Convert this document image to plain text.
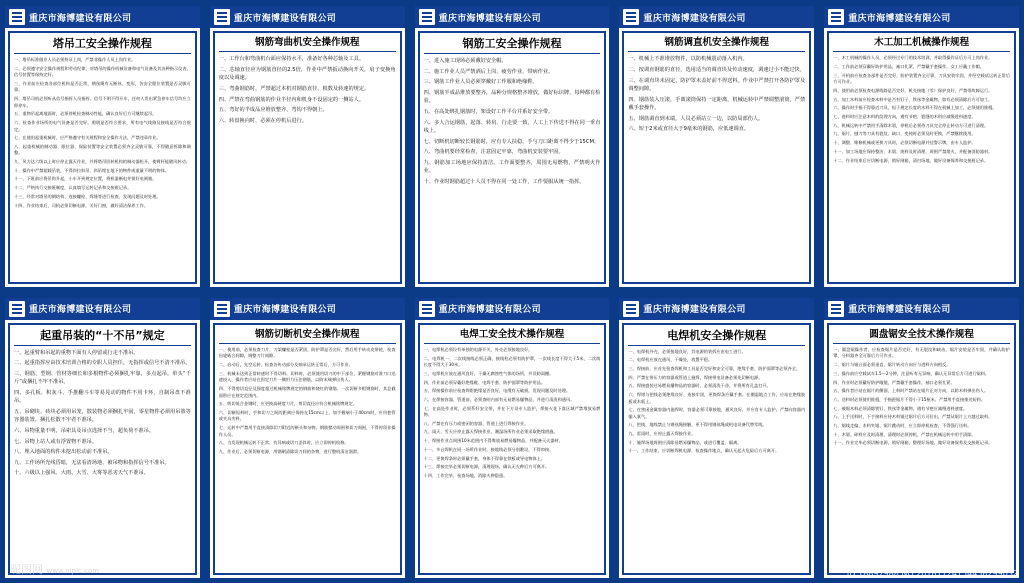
重庆市海博建设有限公司
塔吊工安全操作规程

一、塔吊标准做业人员必须持证上岗，严禁非操作人员上岗作业。

二、必须遵守安全操作规程和劳动纪律，对塔吊的操作机械设备和电气设备及其各种指示仪表、信号装置等保持完好。

三、作业前应检查各部位机构是否正常，钢丝绳有无断丝、变形，各安全限位装置是否灵敏可靠。

四、塔吊司机必须听从信号指挥人员指挥，信号不明不得开车，任何人发出紧急停车信号均应立即停车。

五、重物吊起离地面时，必须停机检查制动性能，确认良好后方可继续起吊。

六、检查作业场所的电气设备是否完好，照明是否符合要求，所有电气线路及接线是否符合规定。

七、在使用起重机械时，应严格遵守有关规程和安全操作方法，严禁违章作业。

八、起重机械的制动器、限位器、保险装置等安全装置必须齐全灵敏可靠，不得随意拆除和调整。

九、风力达六级以上时应停止露天作业，并将塔吊回转机构的制动器松开，使臂杆能随风转动。

十、操作中严禁超载吊装，不得斜拉斜吊、斜吊埋在地下的物件或重量不明的物体。

十一、下班前应将吊钩升起，小车开到规定位置，将机器断电并锁好电闸箱。

十二、严格执行交接班制度，认真填写运转记录和交接班记录。

十三、经常对塔吊的钢结构、连接螺栓、焊缝等进行检查，发现问题及时处理。

十四、作业结束后，司机必须切断电源，关好门窗，做好清洁保养工作。

重庆市海博建设有限公司
钢筋弯曲机安全操作规程

一、工作台和弯曲机台面应保持水平，准备好各种芯轴及工具。

二、芯轴直径应为钢筋直径的2.5倍，作业中严禁扳动换向开关，肩子变换角度以及调速。

三、弯曲钢筋时，严禁超过本机对钢筋直径、根数及转速的规定。

四、严禁在弯曲钢筋的作业半径内和机身不设固定的一侧站人。

五、弯好的半成品应堆放整齐，弯钩不得朝上。

六、转盘换向时，必须在停机后进行。

重庆市海博建设有限公司
钢筋工安全操作规程

一、进入施工现场必须戴好安全帽。

二、施工作业人员严禁酒后上岗，疲劳作业、带病作业。

三、钢筋工作业人员必须穿戴好工作服和绝缘鞋。

四、钢筋半成品堆放要整齐，品种分规格整齐堆放，做好标识牌，每种都有检验。

五、在高处绑扎钢筋时，架设好工作平台并系好安全带。

六、多人合运钢筋，起落、转肩、行走要一致，人工上下传送不得在同一垂直线上。

七、切断机切断较长钢筋时，应有专人扶稳，手与刀口距离不得少于15CM。

八、弯曲机要经常检查，注意固定牢靠，弯曲机安装要牢固。

九、钢筋加工场地应保持清洁，工作面要整齐，周围无易燃物，严禁明火作业。

十、作业时钢筋超过十人员不得在同一处工作，工作要服从统一指挥。

重庆市海博建设有限公司
钢筋调直机安全操作规程

一、机械上不准堆放物件，以防机械震动落入机内。

二、按调直钢筋的直径，选用适当的调直块及传动速度，调速过小不能过快。

三、在调直块未固定，防护罩未盖好前不得送料。作业中严禁打开各防护罩及调整间隙。

四、钢筋装入压滚，手离滚筒保持一定距离，机械运转中严禁调整滚筒，严禁戴手套操作。

五、钢筋调直到末端，人员必须站立一边，以防局部伤人。

六、短于2米或直径大于9毫米的钢筋，应低速调直。

重庆市海博建设有限公司
木工加工机械操作规程

一、木工机械的操作人员，必须经过专门的技术培训，并取得操作证后方可上岗作业。

二、工作前必须穿戴好防护用品，袖口扎紧，严禁戴手套操作，女工应戴工作帽。

三、开机前应检查各部件是否完好，防护装置齐全可靠，刀具安装牢固，并经空载试运转正常后方可作业。

四、使用前必须检查电源线路是否完好，机壳接地（零）保护良好，严禁带故障运行。

五、加工木料前应检查木料中是否有钉子、铁丝等金属物，如有必须清除后方可加工。

六、操作时手指不得靠近刀具，短于规定长度的木料不得在机械上加工，必须使用推棍。

七、进料时应注意木料的纹理方向，遇有节疤、裂缝的木料应减慢进料速度。

八、机械运转中严禁用手清除木屑，停机后必须待刀具完全停止转动方可进行清理。

九、锯片、刨刀等刀具有裂纹、缺口、变钝时必须及时更换，严禁继续使用。

十、调整、维修机械或更换刀具时，必须切断电源并挂警示牌，由专人监护。

十一、加工场地应保持整洁，木屑、废料及时清理，周围严禁烟火，并配备消防器材。

十二、作业结束后应切断电源，锁好闸箱，清扫场地，做好设备保养和交接班记录。

重庆市海博建设有限公司
起重吊装的“十不吊”规定

一、起重臂和吊起的重物下面有人停留或行走不准吊。

二、起重指挥应由技术培训合格的专职人员担任，无指挥或信号不清不准吊。

三、钢筋、型钢、管材等细长和多根物件必须捆扎牢靠，多点起吊。单头“千斤”或捆扎不牢不准吊。

四、多孔板、积灰斗、手推翻斗车等易晃动的物件不用卡环，自制吊盘不准吊。

五、吊砌块、砖块必须用吊笼，散装物必须捆扎牢固，零星物件必须用吊篮等容器装置。捆扎松散不牢者不准吊。

六、吊物重量不明，吊索具及吊点选择不当，超负荷不准吊。

七、吊物上站人或有浮置物不准吊。

八、埋入地面的构件未挖出松动前不准吊。

九、工作场所光线昏暗，无法看清场地、被吊物和指挥信号不准吊。

十、六级以上强风、大雨、大雪、大雾等恶劣天气不准吊。

重庆市海博建设有限公司
钢筋切断机安全操作规程

一、使用前，必须检查刀片，刀架螺栓是否紧固，防护罩是否完好，然后用手转动皮带轮，检查齿轮啮合间隙，调整刀片间隙。

二、启动后，先空运转，检查各传动部分及轴承运转正常后，方可作业。

三、机械未达到正常转速时不得切料。切料时，必须使用切刀的中下部位，紧握钢筋对准刀口迅速投入，操作者应站在固定刀片一侧用力压住钢筋，以防末端弹出伤人。

四、不得剪切直径及强度超过机械铭牌规定的钢筋和烧红的钢筋。一次切断多根钢筋时，其总截面积应在规定范围内。

五、剪切低合金钢时，应更换高硬度刀片，剪切直径应符合机械铭牌规定。

六、切断短料时，手和切刀之间的距离应保持在15cm以上，如手握端小于40cm时，应用套管或夹具夹料。

七、运转中严禁用手直接清除切刀附近的断头和杂物。钢筋摆动周围和切刀周围，不得停留非操作人员。

八、当发现机械运转不正常、有异响或切刀歪斜时，应立即停机检修。

九、作业后，必须切断电源，用钢刷清除切刀间的杂物，进行整机清洁润滑。

重庆市海博建设有限公司
电焊工安全技术操作规程

一、电焊机必须设有单独的电源开关，外壳必须接地良好。

二、电焊机一、二次线接线必须正确，接线柱必须有防护罩，一次线长度不得大于5米，二次线长度不得大于30米。

三、电焊机应放在通风良好，干燥无腐蚀性气体的场所，并设防雨棚。

四、作业前必须穿戴好绝缘鞋、电焊手套、防护面罩等防护用品。

五、焊接操作前应检查焊钳绝缘是否良好，电缆有无破损，发现问题及时处理。

六、在焊接容器、管道前，必须查明内部有无易燃易爆物品，并进行清洗和通风。

七、在高处作业时，必须系好安全带，并在下方设专人监护，焊接火花下落区域严禁堆放易燃物。

八、严禁在有压力或密闭的容器、管道上进行焊接作业。

九、雨天、雪天应停止露天焊接作业，潮湿场所作业必须采取绝缘措施。

十、焊接作业点周围10米范围内不得堆放易燃易爆物品，并配备灭火器材。

十一、多台焊机在同一场所作业时，接地线必须分别敷设，不得串接。

十二、更换焊条时必须戴手套，身体不得靠在铁板或导电物体上。

十三、焊接完毕必须切断电源，清理现场，确认无火种后方可离开。

十四、工作完毕，检查场地，消除火种隐患。

重庆市海博建设有限公司
电焊机安全操作规程

一、电焊机外壳，必须接地良好，其电源的装拆应由电工进行。

二、电焊机应放在通风、干燥处，放置平稳。

三、焊接前，应首先检查焊机和工具是否完好和安全可靠，绝缘手套、防护面罩等必须齐全。

四、严禁在带压力的容器或管道上施焊，焊接带电设备必须先切断电源。

五、焊接盛装过易燃易爆物品的容器时，必须清洗干净，并将所有孔盖打开。

六、焊钳与把线必须绝缘良好、连接牢固，更换焊条应戴手套。在潮湿地点工作，应站在绝缘胶板或木板上。

七、在密闭金属容器内施焊时，容器必须可靠接地，通风良好，并应有专人监护。严禁向容器内输入氧气。

八、把线、地线禁止与钢丝绳接触，更不得用钢丝绳或机电设备代替零线。

九、雷雨时，应停止露天焊接作业。

十、施焊场地周围应清除易燃易爆物品，或进行覆盖、隔离。

十一、工作结束，应切断焊机电源，检查操作地点，确认无起火危险后方可离开。

重庆市海博建设有限公司
圆盘锯安全技术操作规程

一、圆盘锯操作者，应检查锯片是否完好，有无裂纹和缺齿，锯片安装是否牢固，并确认防护罩、分料器齐全可靠后方可作业。

二、锯片与锯台面必须垂直，锯片转动方向应与进料方向相反。

三、操作前应空载试车1.5～2分钟，注意听有无异响，确认无异常后方可进行锯料。

四、作业时必须戴好防护眼镜，严禁戴手套操作，袖口必须扎紧。

五、操作者应站在锯片的侧面，上料时严禁站在锯片正对方向，以防木料弹出伤人。

六、送料时必须使用推棍，手指距锯片不得小于15厘米，严禁用手直接推送短料。

七、被锯木料必须清除铁钉、铁丝等金属物，遇有节疤应减慢进料速度。

八、上手送料时，下手接料应待木料锯过锯片后方可拉出，严禁从锯片上方越过取料。

九、锯线走偏、木料夹锯、锯片跳动时，应立即停机检查，不得强行送料。

十、木屑、碎料应及时清理，清理时必须停机，严禁在机械运转中用手清除。

十一、作业完毕必须切断电源，锁好闸箱，整理好场地，做好设备保养及交接班记录。

昵图网 www.nipic.com	ID:18897988 NO:20181124154458299032
